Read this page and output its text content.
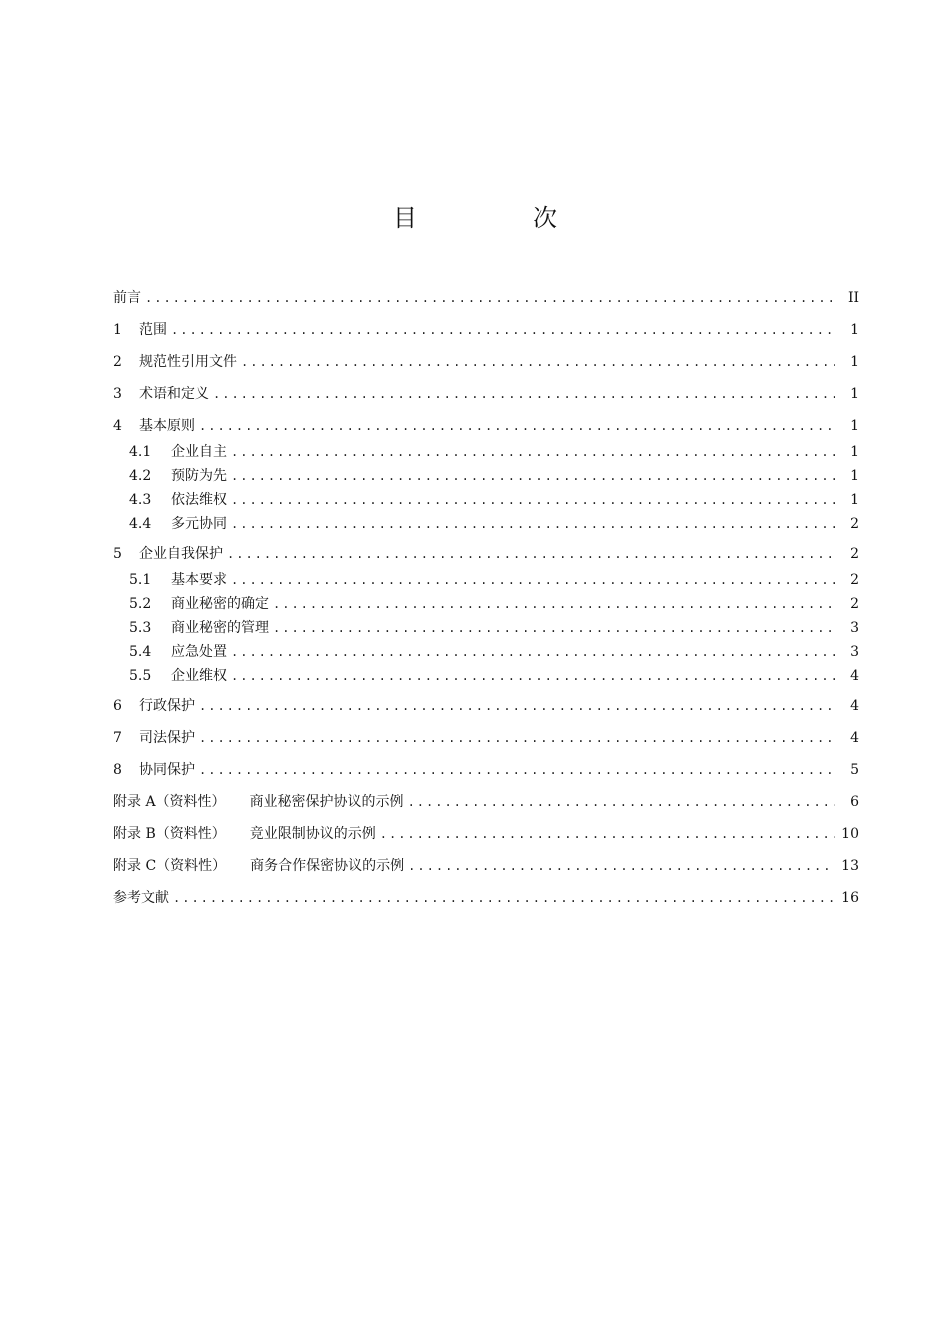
目　次
前言 .....	II
1	范围 .....	1
2	规范性引用文件 .....	1
3	术语和定义 .....	1
4	基本原则 .....	1
4.1	企业自主 .....	1
4.2	预防为先 .....	1
4.3	依法维权 .....	1
4.4	多元协同 .....	2
5	企业自我保护 .....	2
5.1	基本要求 .....	2
5.2	商业秘密的确定 .....	2
5.3	商业秘密的管理 .....	3
5.4	应急处置 .....	3
5.5	企业维权 .....	4
6	行政保护 .....	4
7	司法保护 .....	4
8	协同保护 .....	5
附录 A（资料性） 商业秘密保护协议的示例 .....	6
附录 B（资料性） 竞业限制协议的示例 .....	10
附录 C（资料性） 商务合作保密协议的示例 .....	13
参考文献 .....	16
